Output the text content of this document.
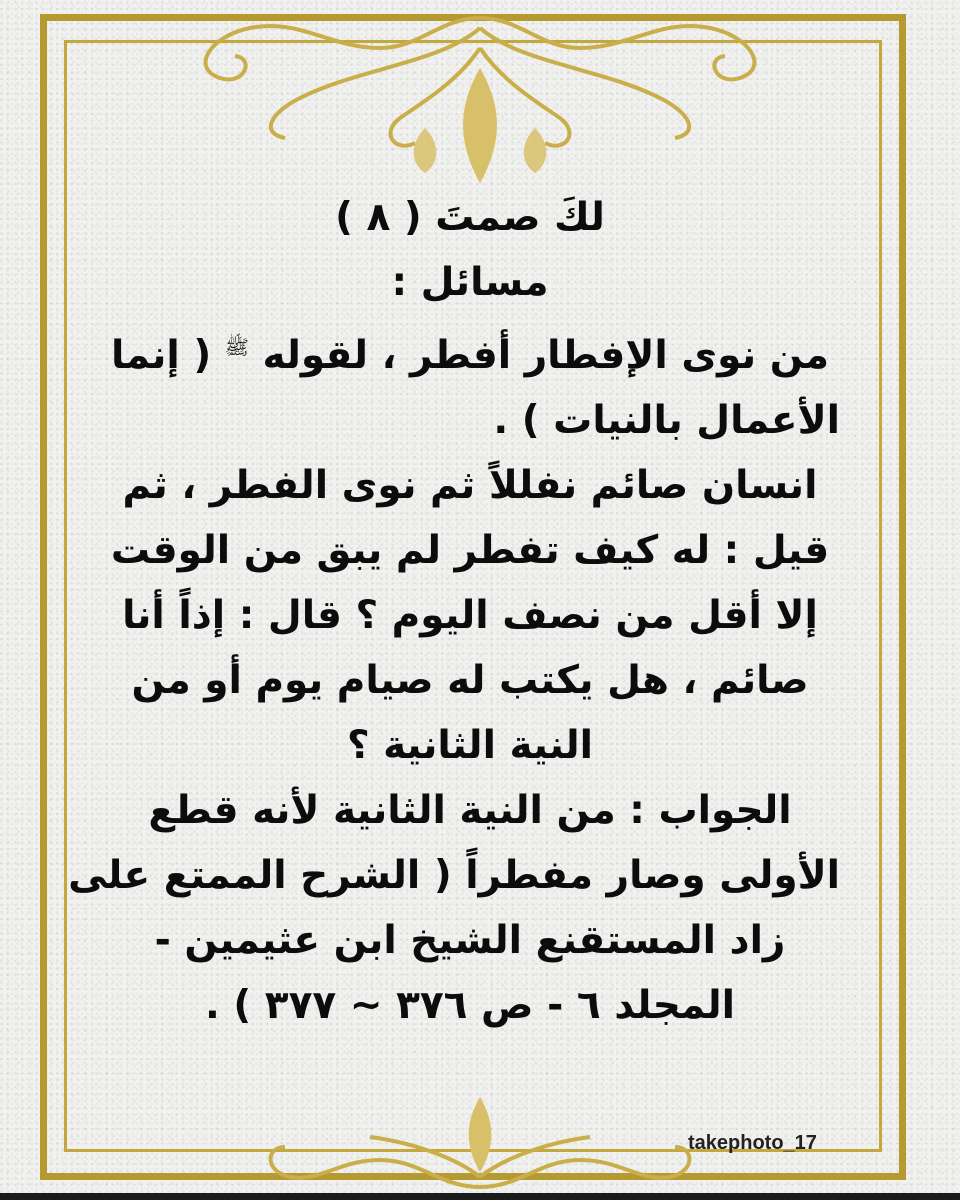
لكَ صمتَ ( ٨ )
مسائل :
من نوى الإفطار أفطر ، لقوله $^ﷺ$ ( إنما
الأعمال بالنيات ) .
انسان صائم نفللاً ثم نوى الفطر ، ثم
قيل : له كيف تفطر لم يبق من الوقت
إلا أقل من نصف اليوم ؟ قال : إذاً أنا
صائم ، هل يكتب له صيام يوم أو من
النية الثانية ؟
الجواب : من النية الثانية لأنه قطع
الأولى وصار مفطراً ( الشرح الممتع على
زاد المستقنع الشيخ ابن عثيمين -
المجلد ٦ - ص ٣٧٦ ~ ٣٧٧ ) .
takephoto_17
